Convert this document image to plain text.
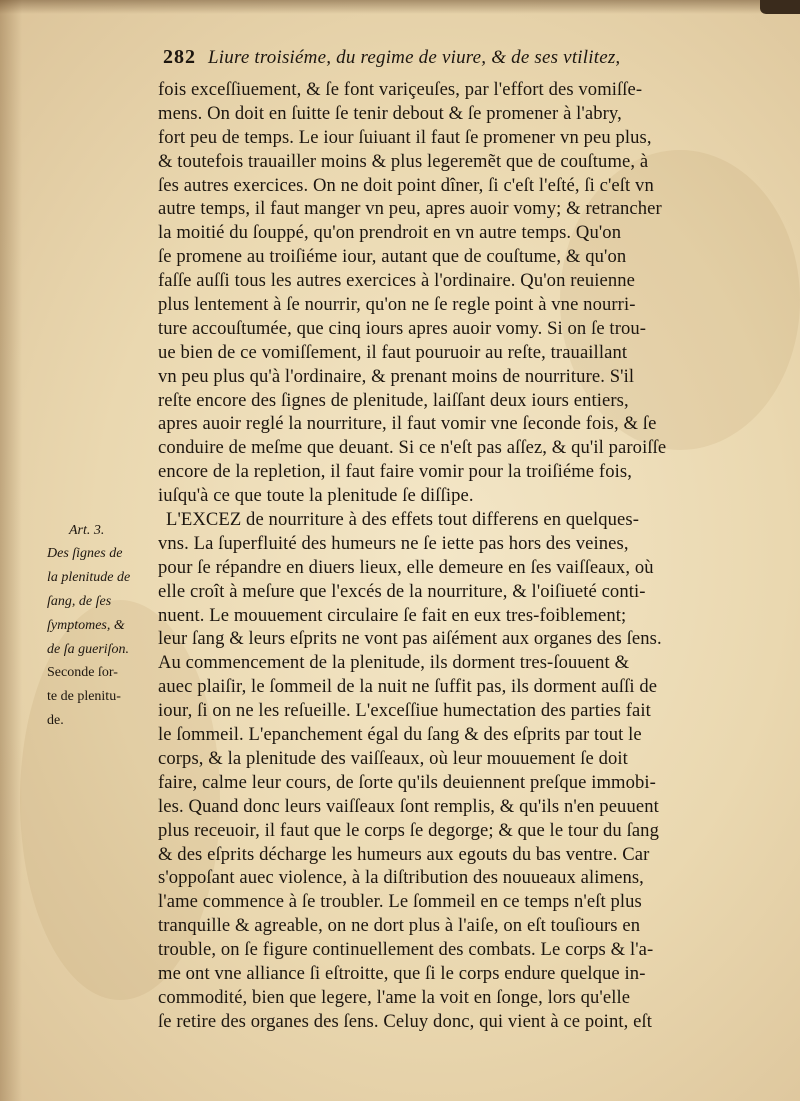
282 Liure troisiéme, du regime de viure, & de ses vtilitez,
fois exceſſiuement, & ſe font variçeuſes, par l'effort des vomiſſe-
mens. On doit en ſuitte ſe tenir debout & ſe promener à l'abry,
fort peu de temps. Le iour ſuiuant il faut ſe promener vn peu plus,
& toutefois trauailler moins & plus legeremẽt que de couſtume, à
ſes autres exercices. On ne doit point dîner, ſi c'eſt l'eſté, ſi c'eſt vn
autre temps, il faut manger vn peu, apres auoir vomy; & retrancher
la moitié du ſouppé, qu'on prendroit en vn autre temps. Qu'on
ſe promene au troiſiéme iour, autant que de couſtume, & qu'on
faſſe auſſi tous les autres exercices à l'ordinaire. Qu'on reuienne
plus lentement à ſe nourrir, qu'on ne ſe regle point à vne nourri-
ture accouſtumée, que cinq iours apres auoir vomy. Si on ſe trou-
ue bien de ce vomiſſement, il faut pouruoir au reſte, trauaillant
vn peu plus qu'à l'ordinaire, & prenant moins de nourriture. S'il
reſte encore des ſignes de plenitude, laiſſant deux iours entiers,
apres auoir reglé la nourriture, il faut vomir vne ſeconde fois, & ſe
conduire de meſme que deuant. Si ce n'eſt pas aſſez, & qu'il paroiſſe
encore de la repletion, il faut faire vomir pour la troiſiéme fois,
iuſqu'à ce que toute la plenitude ſe diſſipe.
L'EXCEZ de nourriture à des effets tout differens en quelques-
vns. La ſuperfluité des humeurs ne ſe iette pas hors des veines,
pour ſe répandre en diuers lieux, elle demeure en ſes vaiſſeaux, où
elle croît à meſure que l'excés de la nourriture, & l'oiſiueté conti-
nuent. Le mouuement circulaire ſe fait en eux tres-foiblement;
leur ſang & leurs eſprits ne vont pas aiſément aux organes des ſens.
Au commencement de la plenitude, ils dorment tres-ſouuent &
auec plaiſir, le ſommeil de la nuit ne ſuffit pas, ils dorment auſſi de
iour, ſi on ne les reſueille. L'exceſſiue humectation des parties fait
le ſommeil. L'epanchement égal du ſang & des eſprits par tout le
corps, & la plenitude des vaiſſeaux, où leur mouuement ſe doit
faire, calme leur cours, de ſorte qu'ils deuiennent preſque immobi-
les. Quand donc leurs vaiſſeaux ſont remplis, & qu'ils n'en peuuent
plus receuoir, il faut que le corps ſe degorge; & que le tour du ſang
& des eſprits décharge les humeurs aux egouts du bas ventre. Car
s'oppoſant auec violence, à la diſtribution des nouueaux alimens,
l'ame commence à ſe troubler. Le ſommeil en ce temps n'eſt plus
tranquille & agreable, on ne dort plus à l'aiſe, on eſt touſiours en
trouble, on ſe figure continuellement des combats. Le corps & l'a-
me ont vne alliance ſi eſtroitte, que ſi le corps endure quelque in-
commodité, bien que legere, l'ame la voit en ſonge, lors qu'elle
ſe retire des organes des ſens. Celuy donc, qui vient à ce point, eſt
Art. 3.
Des ſignes de
la plenitude de
ſang, de ſes
ſymptomes, &
de ſa gueriſon.
Seconde ſor-
te de plenitu-
de.
